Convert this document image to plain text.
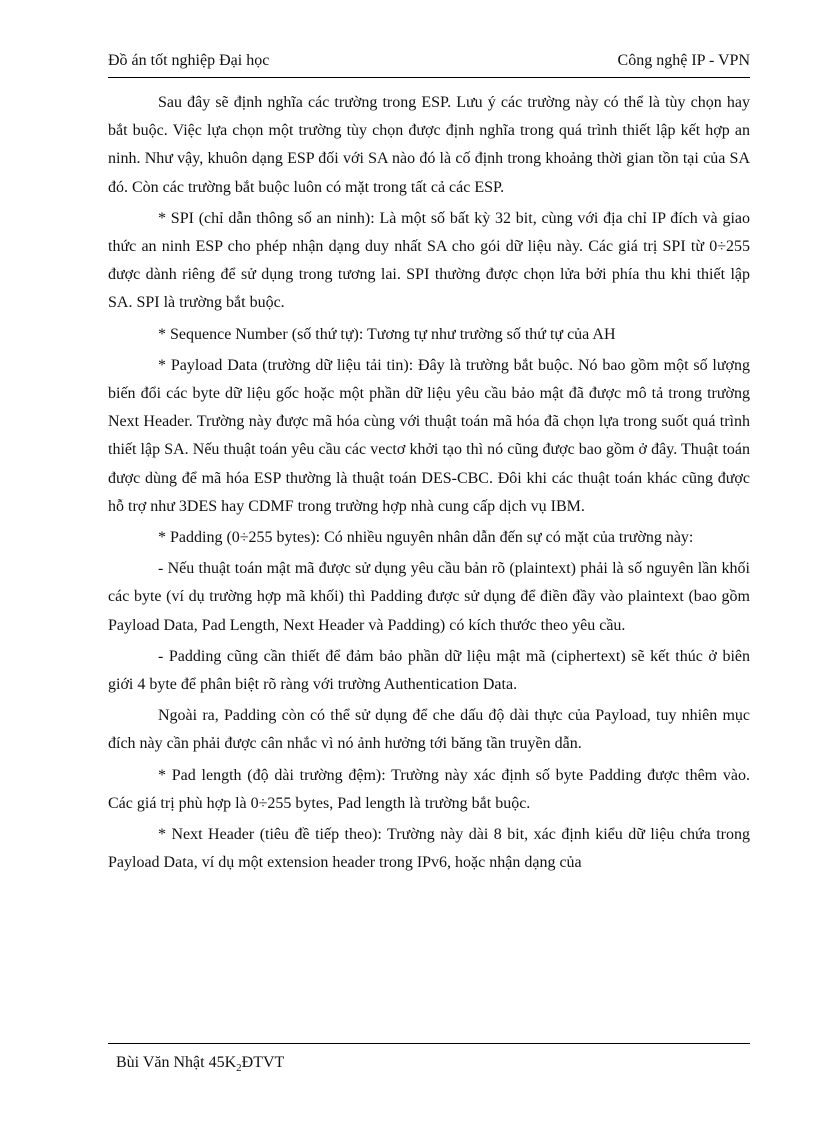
Đồ án tốt nghiệp Đại học	Công nghệ IP - VPN

Sau đây sẽ định nghĩa các trường trong ESP. Lưu ý các trường này có thể là tùy chọn hay bắt buộc. Việc lựa chọn một trường tùy chọn được định nghĩa trong quá trình thiết lập kết hợp an ninh. Như vậy, khuôn dạng ESP đối với SA nào đó là cố định trong khoảng thời gian tồn tại của SA đó. Còn các trường bắt buộc luôn có mặt trong tất cả các ESP.

* SPI (chỉ dẫn thông số an ninh): Là một số bất kỳ 32 bit, cùng với địa chỉ IP đích và giao thức an ninh ESP cho phép nhận dạng duy nhất SA cho gói dữ liệu này. Các giá trị SPI từ 0÷255 được dành riêng để sử dụng trong tương lai. SPI thường được chọn lửa bởi phía thu khi thiết lập SA. SPI là trường bắt buộc.

* Sequence Number (số thứ tự): Tương tự như trường số thứ tự của AH

* Payload Data (trường dữ liệu tải tin): Đây là trường bắt buộc. Nó bao gồm một số lượng biến đổi các byte dữ liệu gốc hoặc một phần dữ liệu yêu cầu bảo mật đã được mô tả trong trường Next Header. Trường này được mã hóa cùng với thuật toán mã hóa đã chọn lựa trong suốt quá trình thiết lập SA. Nếu thuật toán yêu cầu các vectơ khởi tạo thì nó cũng được bao gồm ở đây. Thuật toán được dùng để mã hóa ESP thường là thuật toán DES-CBC. Đôi khi các thuật toán khác cũng được hỗ trợ như 3DES hay CDMF trong trường hợp nhà cung cấp dịch vụ IBM.

* Padding (0÷255 bytes): Có nhiều nguyên nhân dẫn đến sự có mặt của trường này:

- Nếu thuật toán mật mã được sử dụng yêu cầu bản rõ (plaintext) phải là số nguyên lần khối các byte (ví dụ trường hợp mã khối) thì Padding được sử dụng để điền đầy vào plaintext (bao gồm Payload Data, Pad Length, Next Header và Padding) có kích thước theo yêu cầu.

- Padding cũng cần thiết để đảm bảo phần dữ liệu mật mã (ciphertext) sẽ kết thúc ở biên giới 4 byte để phân biệt rõ ràng với trường Authentication Data.

Ngoài ra, Padding còn có thể sử dụng để che dấu độ dài thực của Payload, tuy nhiên mục đích này cần phải được cân nhắc vì nó ảnh hưởng tới băng tần truyền dẫn.

* Pad length (độ dài trường đệm): Trường này xác định số byte Padding được thêm vào. Các giá trị phù hợp là 0÷255 bytes, Pad length là trường bắt buộc.

* Next Header (tiêu đề tiếp theo): Trường này dài 8 bit, xác định kiểu dữ liệu chứa trong Payload Data, ví dụ một extension header trong IPv6, hoặc nhận dạng của

Bùi Văn Nhật $45K_2ĐTVT$
